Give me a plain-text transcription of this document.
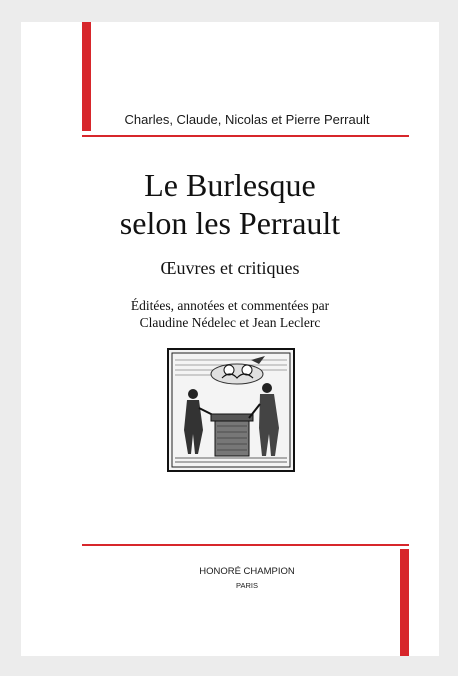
Charles, Claude, Nicolas et Pierre Perrault
Le Burlesque
selon les Perrault
Œuvres et critiques
Éditées, annotées et commentées par
Claudine Nédelec et Jean Leclerc
HONORÉ CHAMPION
PARIS
